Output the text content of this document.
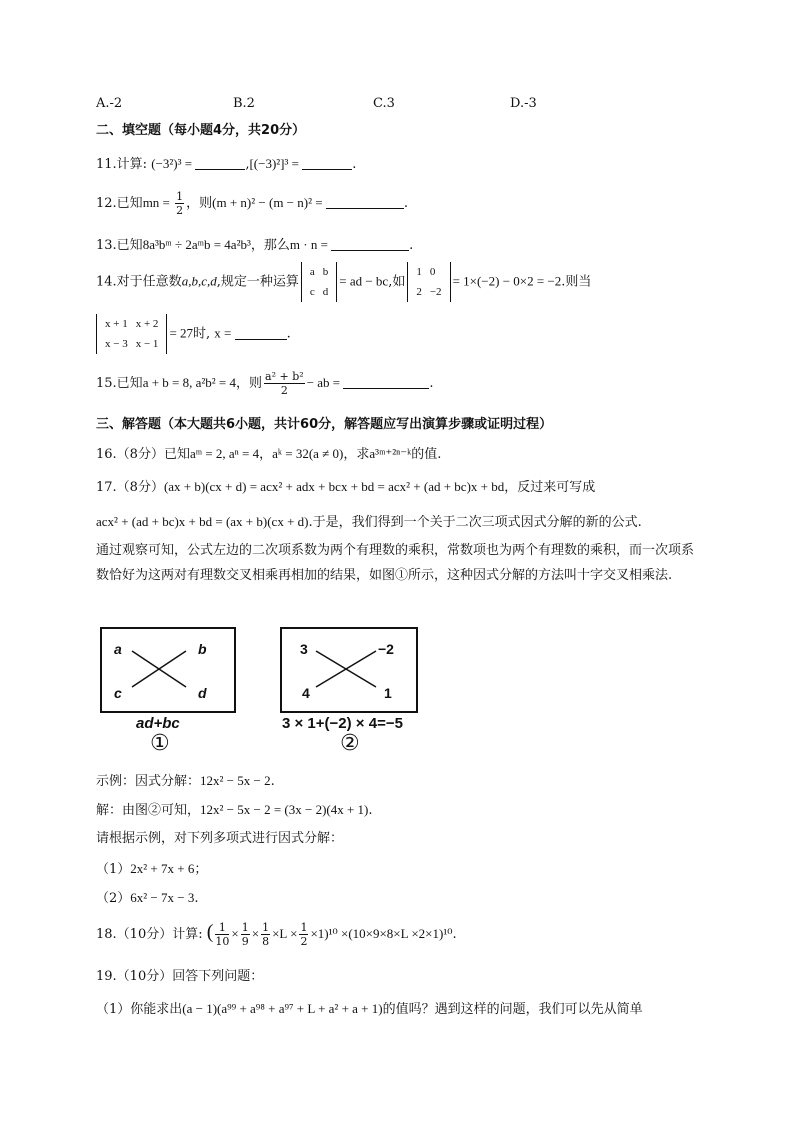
A.-2	B.2	C.3	D.-3
二、填空题（每小题4分，共20分）
11.计算: (−3²)³ =	,[(−3)²]³ =	.
12.已知mn = $\frac{1}{2}$ ，则(m + n)² − (m − n)² =	.
13.已知8a³bᵐ ÷ 2aᵐb = 4a²b³，那么m · n =	.
14.对于任意数a,b,c,d,规定一种运算
a	b
c	d
= ad − bc,如
1	0
2	−2
= 1×(−2) − 0×2 = −2.则当
x + 1	x + 2
x − 3	x − 1
= 27时, x =	.
15.已知a + b = 8, a²b² = 4，则 $\frac{\text{a² + b²}}{2}$ − ab =	.
三、解答题（本大题共6小题，共计60分，解答题应写出演算步骤或证明过程）
16.（8分）已知aᵐ = 2, aⁿ = 4，aᵏ = 32(a ≠ 0)，求a³ᵐ⁺²ⁿ⁻ᵏ的值.
17.（8分）(ax + b)(cx + d) = acx² + adx + bcx + bd = acx² + (ad + bc)x + bd，反过来可写成
acx² + (ad + bc)x + bd = (ax + b)(cx + d).于是，我们得到一个关于二次三项式因式分解的新的公式.
通过观察可知，公式左边的二次项系数为两个有理数的乘积，常数项也为两个有理数的乘积，而一次项系数恰好为这两对有理数交叉相乘再相加的结果，如图①所示，这种因式分解的方法叫十字交叉相乘法.
a	b
c	d
ad+bc
①
3	−2
4	1
3 × 1+(−2) × 4=−5
②
示例：因式分解：12x² − 5x − 2.
解：由图②可知，12x² − 5x − 2 = (3x − 2)(4x + 1).
请根据示例，对下列多项式进行因式分解：
（1）2x² + 7x + 6；
（2）6x² − 7x − 3.
18.（10分）计算: ( $\frac{1}{10} \times \frac{1}{9} \times \frac{1}{8} \times L \times \frac{1}{2} \times 1)^{10} \times(10\times 9\times 8\times L \times 2\times 1)^{10}$.
19.（10分）回答下列问题：
（1）你能求出(a − 1)(a⁹⁹ + a⁹⁸ + a⁹⁷ + L + a² + a + 1)的值吗？遇到这样的问题，我们可以先从简单
